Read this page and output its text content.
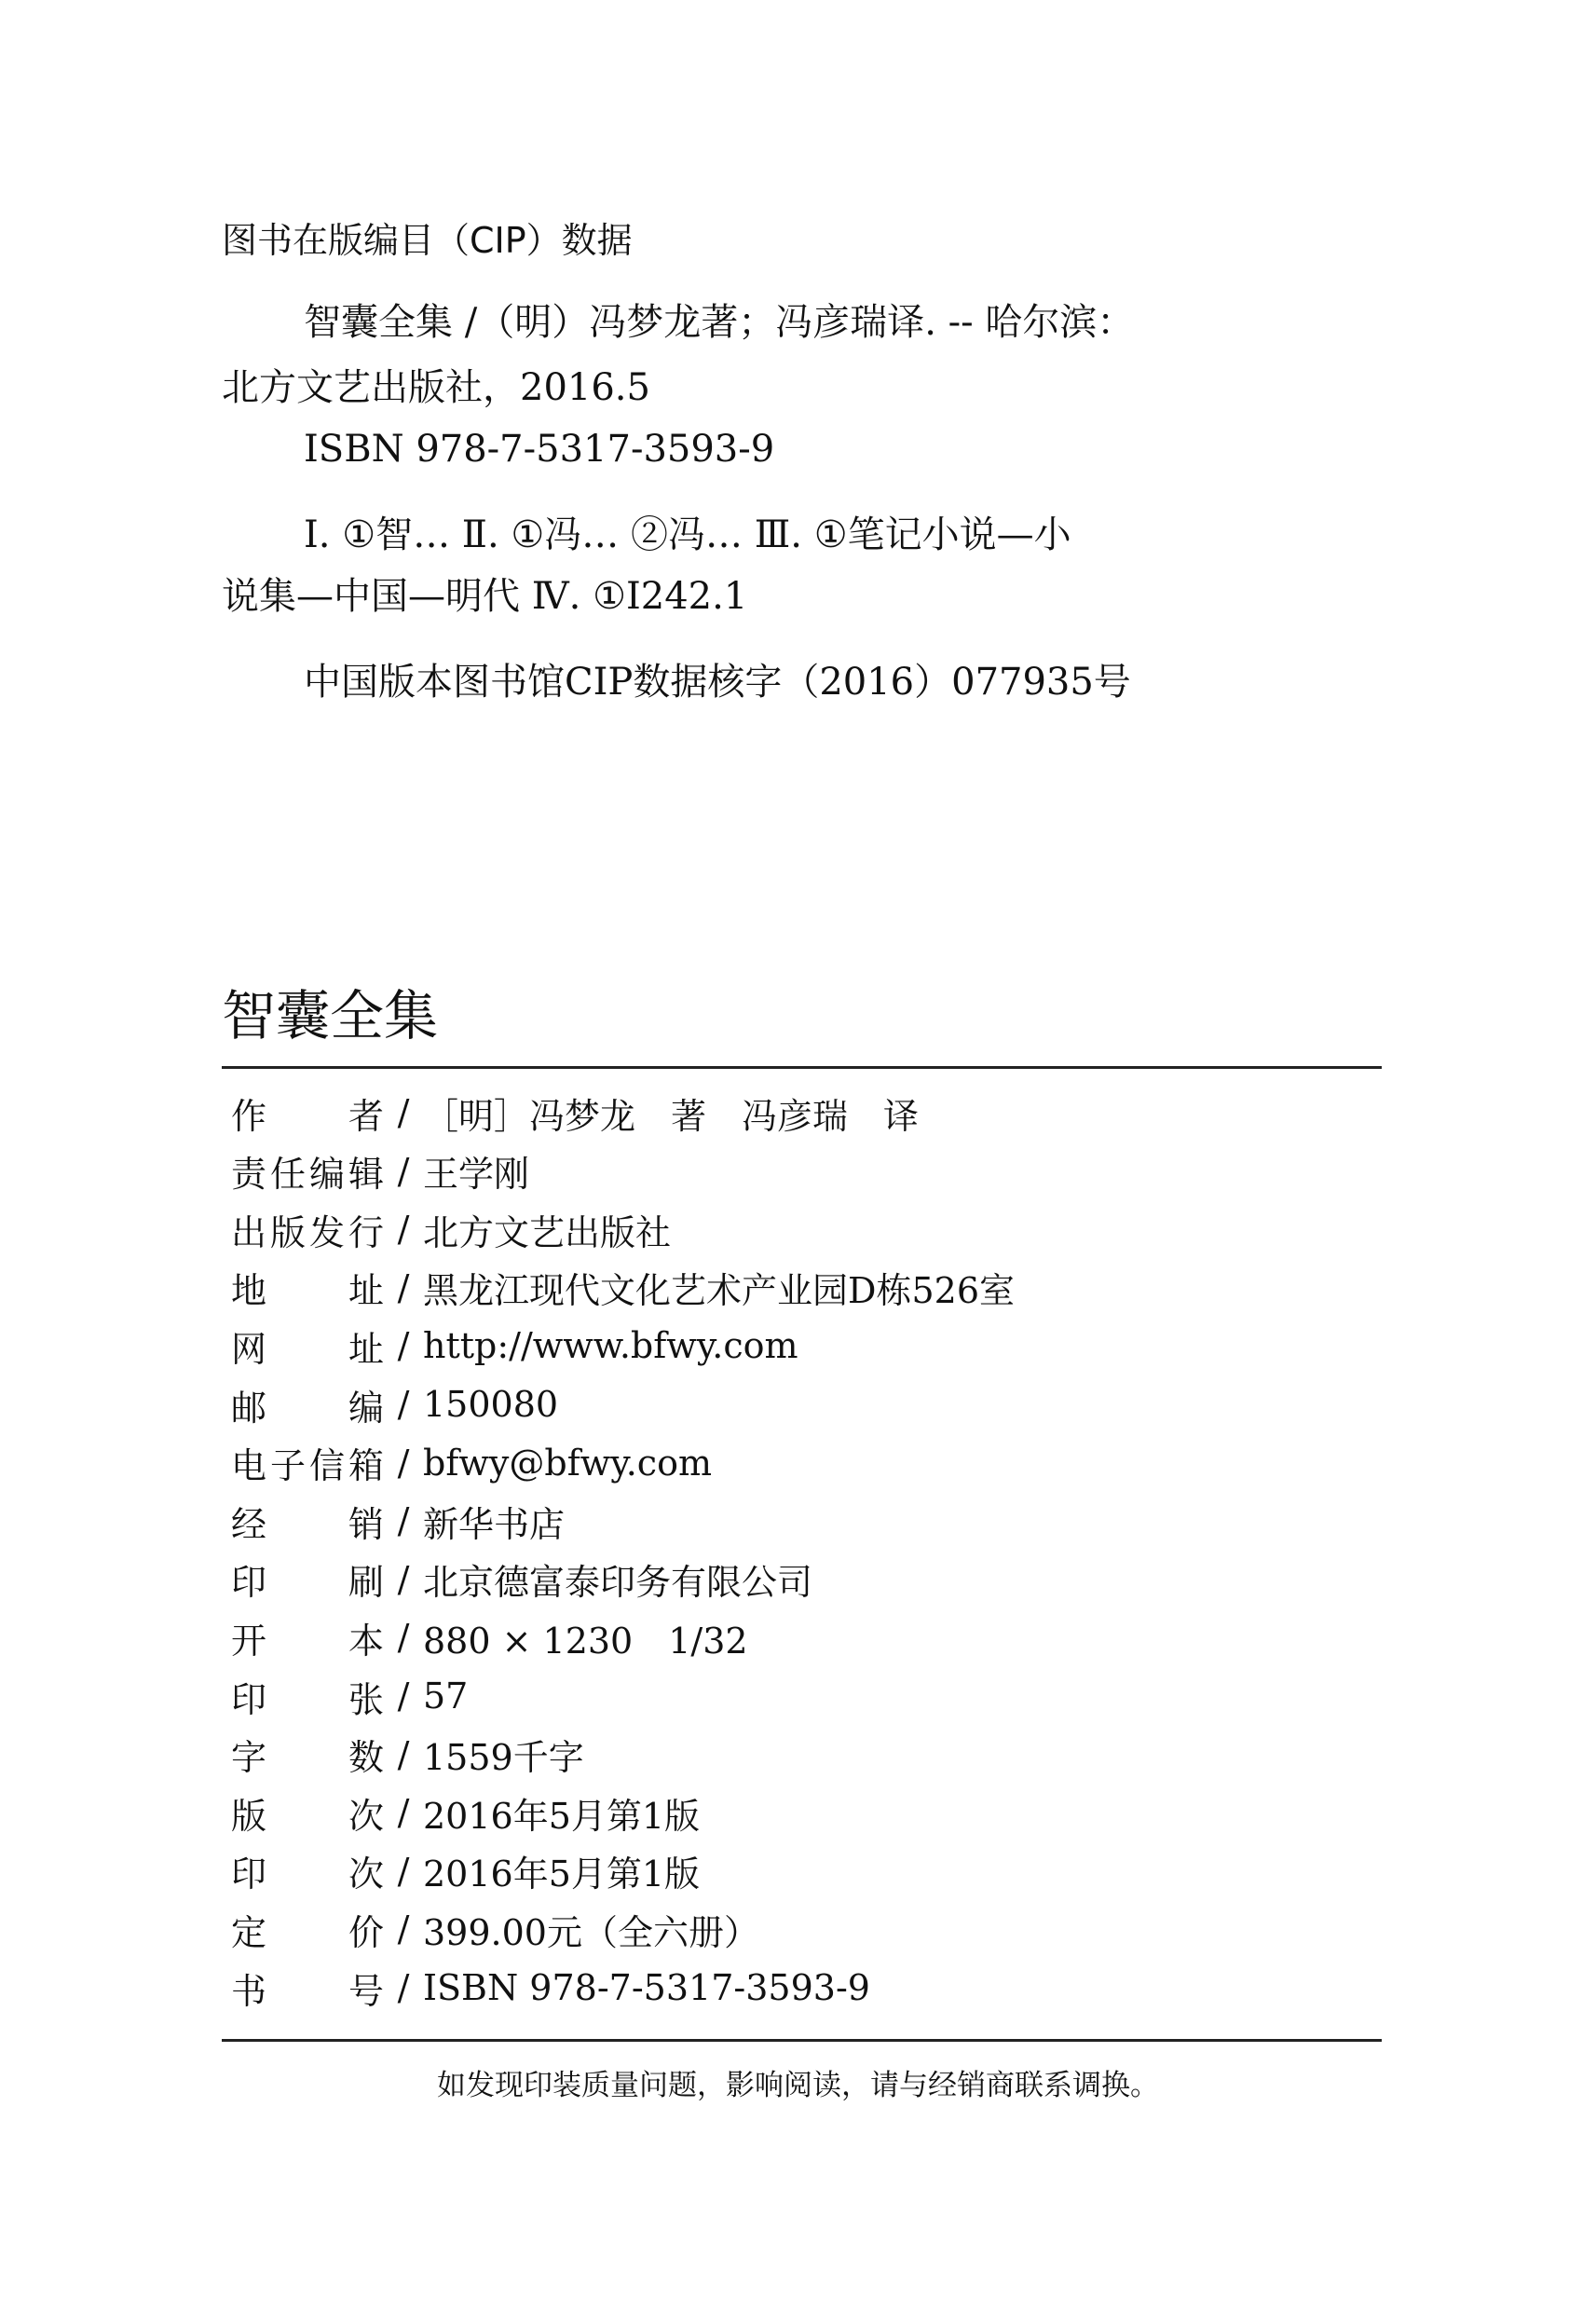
图书在版编目（CIP）数据
智囊全集 /（明）冯梦龙著；冯彦瑞译. -- 哈尔滨：
北方文艺出版社，2016.5
ISBN 978-7-5317-3593-9
Ⅰ. ①智… Ⅱ. ①冯… ②冯… Ⅲ. ①笔记小说—小
说集—中国—明代 Ⅳ. ①I242.1
中国版本图书馆CIP数据核字（2016）077935号
智囊全集
作 者 / ［明］冯梦龙　著　冯彦瑞　译
责 任 编 辑 / 王学刚
出 版 发 行 / 北方文艺出版社
地 址 / 黑龙江现代文化艺术产业园D栋526室
网 址 / http://www.bfwy.com
邮 编 / 150080
电 子 信 箱 / bfwy@bfwy.com
经 销 / 新华书店
印 刷 / 北京德富泰印务有限公司
开 本 / 880 × 1230　1/32
印 张 / 57
字 数 / 1559千字
版 次 / 2016年5月第1版
印 次 / 2016年5月第1版
定 价 / 399.00元（全六册）
书 号 / ISBN 978-7-5317-3593-9
如发现印装质量问题，影响阅读，请与经销商联系调换。
